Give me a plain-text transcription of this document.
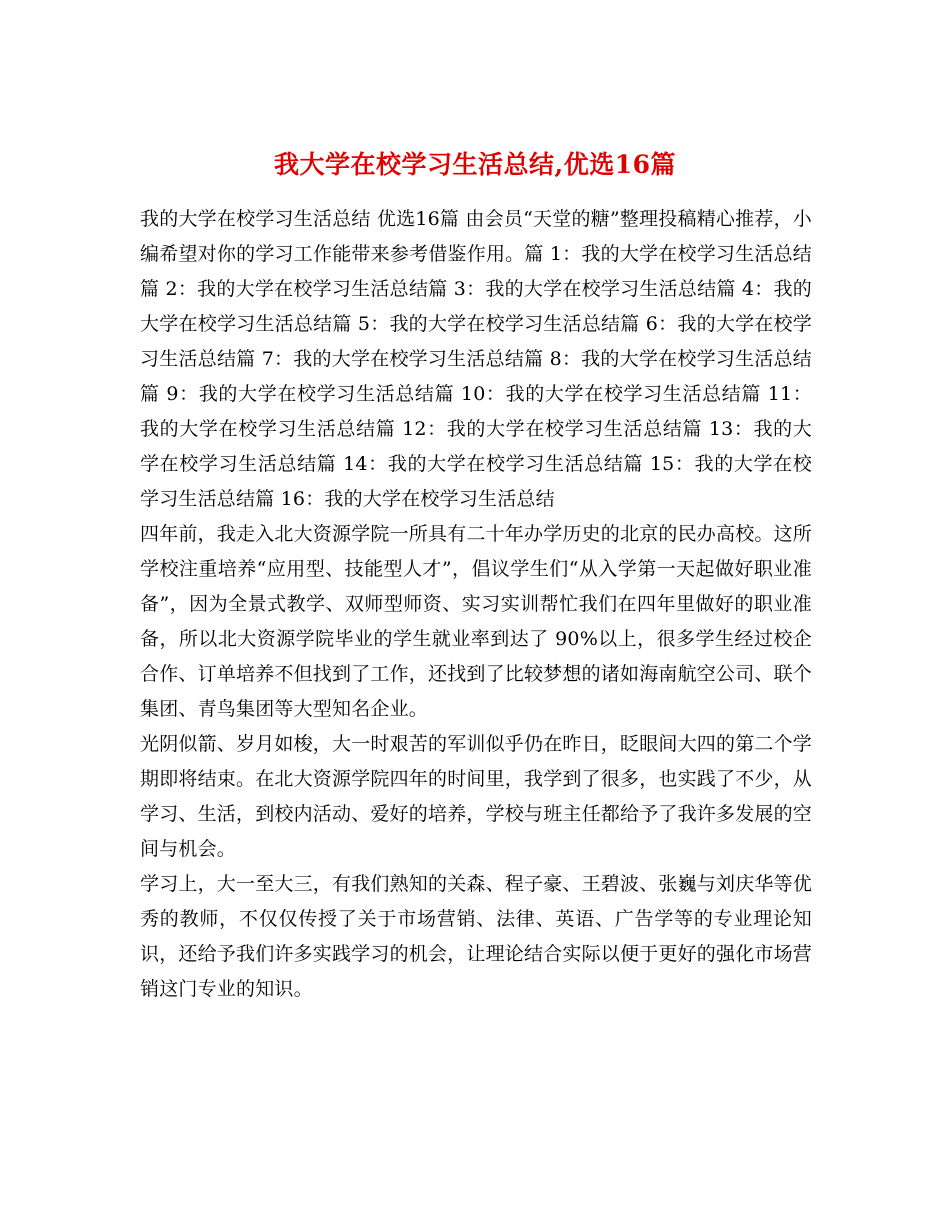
我大学在校学习生活总结,优选16篇

我的大学在校学习生活总结 优选16篇 由会员“天堂的糖”整理投稿精心推荐，小编希望对你的学习工作能带来参考借鉴作用。篇 1：我的大学在校学习生活总结篇 2：我的大学在校学习生活总结篇 3：我的大学在校学习生活总结篇 4：我的大学在校学习生活总结篇 5：我的大学在校学习生活总结篇 6：我的大学在校学习生活总结篇 7：我的大学在校学习生活总结篇 8：我的大学在校学习生活总结篇 9：我的大学在校学习生活总结篇 10：我的大学在校学习生活总结篇 11：我的大学在校学习生活总结篇 12：我的大学在校学习生活总结篇 13：我的大学在校学习生活总结篇 14：我的大学在校学习生活总结篇 15：我的大学在校学习生活总结篇 16：我的大学在校学习生活总结

四年前，我走入北大资源学院一所具有二十年办学历史的北京的民办高校。这所学校注重培养“应用型、技能型人才”，倡议学生们“从入学第一天起做好职业准备”，因为全景式教学、双师型师资、实习实训帮忙我们在四年里做好的职业准备，所以北大资源学院毕业的学生就业率到达了 90%以上，很多学生经过校企合作、订单培养不但找到了工作，还找到了比较梦想的诸如海南航空公司、联个集团、青鸟集团等大型知名企业。

光阴似箭、岁月如梭，大一时艰苦的军训似乎仍在昨日，眨眼间大四的第二个学期即将结束。在北大资源学院四年的时间里，我学到了很多，也实践了不少，从学习、生活，到校内活动、爱好的培养，学校与班主任都给予了我许多发展的空间与机会。

学习上，大一至大三，有我们熟知的关森、程子豪、王碧波、张巍与刘庆华等优秀的教师，不仅仅传授了关于市场营销、法律、英语、广告学等的专业理论知识，还给予我们许多实践学习的机会，让理论结合实际以便于更好的强化市场营销这门专业的知识。
